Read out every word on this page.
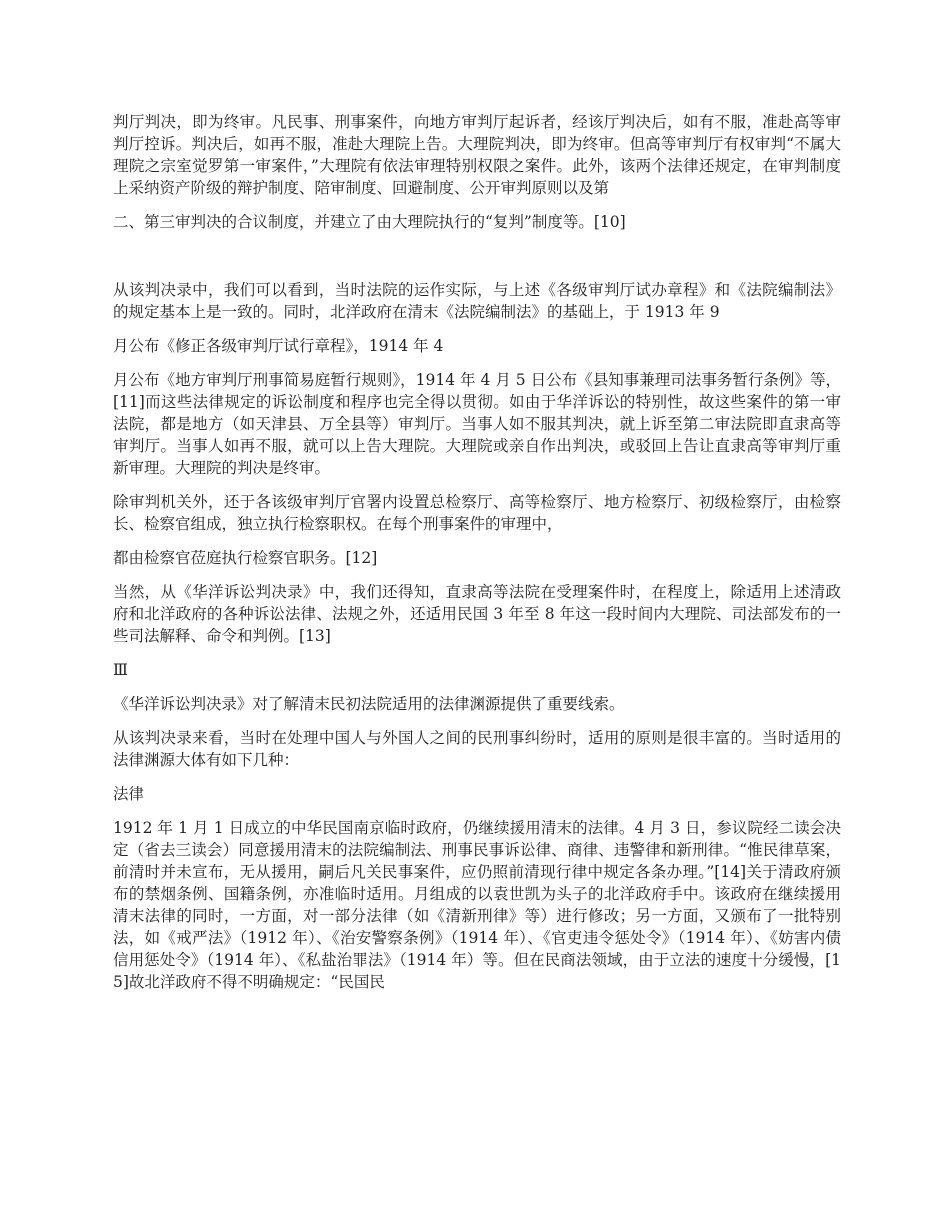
判厅判决，即为终审。凡民事、刑事案件，向地方审判厅起诉者，经该厅判决后，如有不服，准赴高等审判厅控诉。判决后，如再不服，准赴大理院上告。大理院判决，即为终审。但高等审判厅有权审判“不属大理院之宗室觉罗第一审案件，”大理院有依法审理特别权限之案件。此外，该两个法律还规定，在审判制度上采纳资产阶级的辩护制度、陪审制度、回避制度、公开审判原则以及第

二、第三审判决的合议制度，并建立了由大理院执行的“复判”制度等。[10]

从该判决录中，我们可以看到，当时法院的运作实际，与上述《各级审判厅试办章程》和《法院编制法》的规定基本上是一致的。同时，北洋政府在清末《法院编制法》的基础上，于 1913 年 9

月公布《修正各级审判厅试行章程》，1914 年 4

月公布《地方审判厅刑事简易庭暂行规则》，1914 年 4 月 5 日公布《县知事兼理司法事务暂行条例》等，[11]而这些法律规定的诉讼制度和程序也完全得以贯彻。如由于华洋诉讼的特别性，故这些案件的第一审法院，都是地方（如天津县、万全县等）审判厅。当事人如不服其判决，就上诉至第二审法院即直隶高等审判厅。当事人如再不服，就可以上告大理院。大理院或亲自作出判决，或驳回上告让直隶高等审判厅重新审理。大理院的判决是终审。

除审判机关外，还于各该级审判厅官署内设置总检察厅、高等检察厅、地方检察厅、初级检察厅，由检察长、检察官组成，独立执行检察职权。在每个刑事案件的审理中，

都由检察官莅庭执行检察官职务。[12]

当然，从《华洋诉讼判决录》中，我们还得知，直隶高等法院在受理案件时，在程度上，除适用上述清政府和北洋政府的各种诉讼法律、法规之外，还适用民国 3 年至 8 年这一段时间内大理院、司法部发布的一些司法解释、命令和判例。[13]

Ⅲ

《华洋诉讼判决录》对了解清末民初法院适用的法律渊源提供了重要线索。

从该判决录来看，当时在处理中国人与外国人之间的民刑事纠纷时，适用的原则是很丰富的。当时适用的法律渊源大体有如下几种：

法律

1912 年 1 月 1 日成立的中华民国南京临时政府，仍继续援用清末的法律。4 月 3 日，参议院经二读会决定（省去三读会）同意援用清末的法院编制法、刑事民事诉讼律、商律、违警律和新刑律。“惟民律草案，前清时并未宣布，无从援用，嗣后凡关民事案件，应仍照前清现行律中规定各条办理。”[14]关于清政府颁布的禁烟条例、国籍条例，亦准临时适用。月组成的以袁世凯为头子的北洋政府手中。该政府在继续援用清末法律的同时，一方面，对一部分法律（如《清新刑律》等）进行修改；另一方面，又颁布了一批特别法，如《戒严法》（1912 年）、《治安警察条例》（1914 年）、《官吏违令惩处令》（1914 年）、《妨害内债信用惩处令》（1914 年）、《私盐治罪法》（1914 年）等。但在民商法领域，由于立法的速度十分缓慢，[15]故北洋政府不得不明确规定：“民国民
